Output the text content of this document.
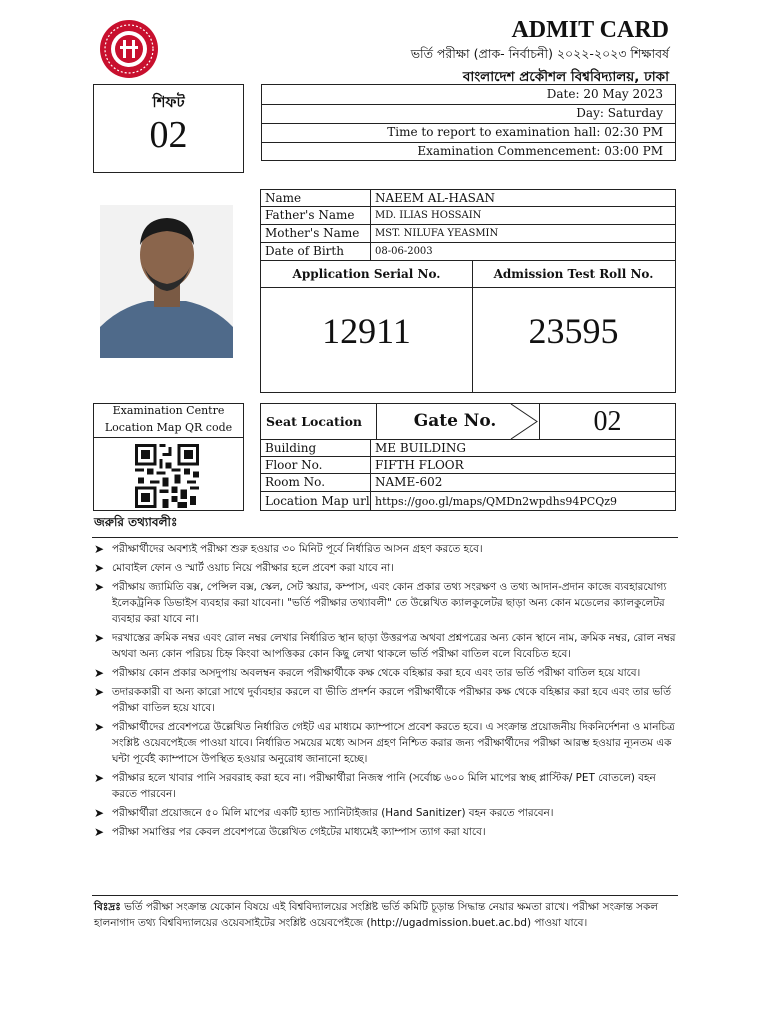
ADMIT CARD
ভর্তি পরীক্ষা (প্রাক- নির্বাচনী) ২০২২-২০২৩ শিক্ষাবর্ষ
বাংলাদেশ প্রকৌশল বিশ্ববিদ্যালয়, ঢাকা
শিফট
02
Date: 20 May 2023
Day: Saturday
Time to report to examination hall: 02:30 PM
Examination Commencement: 03:00 PM
Name	NAEEM AL-HASAN
Father's Name	MD. ILIAS HOSSAIN
Mother's Name	MST. NILUFA YEASMIN
Date of Birth	08-06-2003
Application Serial No.	Admission Test Roll No.
12911	23595
Examination Centre
Location Map QR code	Seat Location	Gate No.	02
Building	ME BUILDING
Floor No.	FIFTH FLOOR
Room No.	NAME-602
Location Map url https://goo.gl/maps/QMDn2wpdhs94PCQz9
জরুরি তথ্যাবলীঃ
➤ পরীক্ষার্থীদের অবশ্যই পরীক্ষা শুরু হওয়ার ৩০ মিনিট পূর্বে নির্ধারিত আসন গ্রহণ করতে হবে।
➤ মোবাইল ফোন ও স্মার্ট ওয়াচ নিয়ে পরীক্ষার হলে প্রবেশ করা যাবে না।
➤ পরীক্ষায় জ্যামিতি বক্স, পেন্সিল বক্স, স্কেল, সেট স্কয়ার, কম্পাস, এবং কোন প্রকার তথ্য সংরক্ষণ ও তথ্য আদান-প্রদান কাজে ব্যবহারযোগ্য ইলেকট্রনিক ডিভাইস ব্যবহার করা যাবেনা। "ভর্তি পরীক্ষার তথ্যাবলী" তে উল্লেখিত ক্যালকুলেটর ছাড়া অন্য কোন মডেলের ক্যালকুলেটর ব্যবহার করা যাবে না।
➤ দরখাস্তের ক্রমিক নম্বর এবং রোল নম্বর লেখার নির্ধারিত স্থান ছাড়া উত্তরপত্র অথবা প্রশ্নপত্রের অন্য কোন স্থানে নাম, ক্রমিক নম্বর, রোল নম্বর অথবা অন্য কোন পরিচয় চিহ্ন কিংবা আপত্তিকর কোন কিছু লেখা থাকলে ভর্তি পরীক্ষা বাতিল বলে বিবেচিত হবে।
➤ পরীক্ষায় কোন প্রকার অসদুপায় অবলম্বন করলে পরীক্ষার্থীকে কক্ষ থেকে বহিষ্কার করা হবে এবং তার ভর্তি পরীক্ষা বাতিল হয়ে যাবে।
➤ তদারককারী বা অন্য কারো সাথে দুর্ব্যবহার করলে বা ভীতি প্রদর্শন করলে পরীক্ষার্থীকে পরীক্ষার কক্ষ থেকে বহিষ্কার করা হবে এবং তার ভর্তি পরীক্ষা বাতিল হয়ে যাবে।
➤ পরীক্ষার্থীদের প্রবেশপত্রে উল্লেখিত নির্ধারিত গেইট এর মাধ্যমে ক্যাম্পাসে প্রবেশ করতে হবে। এ সংক্রান্ত প্রয়োজনীয় দিকনির্দেশনা ও মানচিত্র সংশ্লিষ্ট ওয়েবপেইজে পাওয়া যাবে। নির্ধারিত সময়ের মধ্যে আসন গ্রহণ নিশ্চিত করার জন্য পরীক্ষার্থীদের পরীক্ষা আরম্ভ হওয়ার ন্যূনতম এক ঘন্টা পূর্বেই ক্যাম্পাসে উপস্থিত হওয়ার অনুরোধ জানানো হচ্ছে।
➤ পরীক্ষার হলে খাবার পানি সরবরাহ করা হবে না। পরীক্ষার্থীরা নিজস্ব পানি (সর্বোচ্চ ৬০০ মিলি মাপের স্বচ্ছ প্লাস্টিক/ PET বোতলে) বহন করতে পারবেন।
➤ পরীক্ষার্থীরা প্রয়োজনে ৫০ মিলি মাপের একটি হ্যান্ড স্যানিটাইজার (Hand Sanitizer) বহন করতে পারবেন।
➤ পরীক্ষা সমাপ্তির পর কেবল প্রবেশপত্রে উল্লেখিত গেইটের মাধ্যমেই ক্যাম্পাস ত্যাগ করা যাবে।
বিঃদ্রঃ ভর্তি পরীক্ষা সংক্রান্ত যেকোন বিষয়ে এই বিশ্ববিদ্যালয়ের সংশ্লিষ্ট ভর্তি কমিটি চূড়ান্ত সিদ্ধান্ত নেয়ার ক্ষমতা রাখে। পরীক্ষা সংক্রান্ত সকল হালনাগাদ তথ্য বিশ্ববিদ্যালয়ের ওয়েবসাইটের সংশ্লিষ্ট ওয়েবপেইজে (http://ugadmission.buet.ac.bd) পাওয়া যাবে।
